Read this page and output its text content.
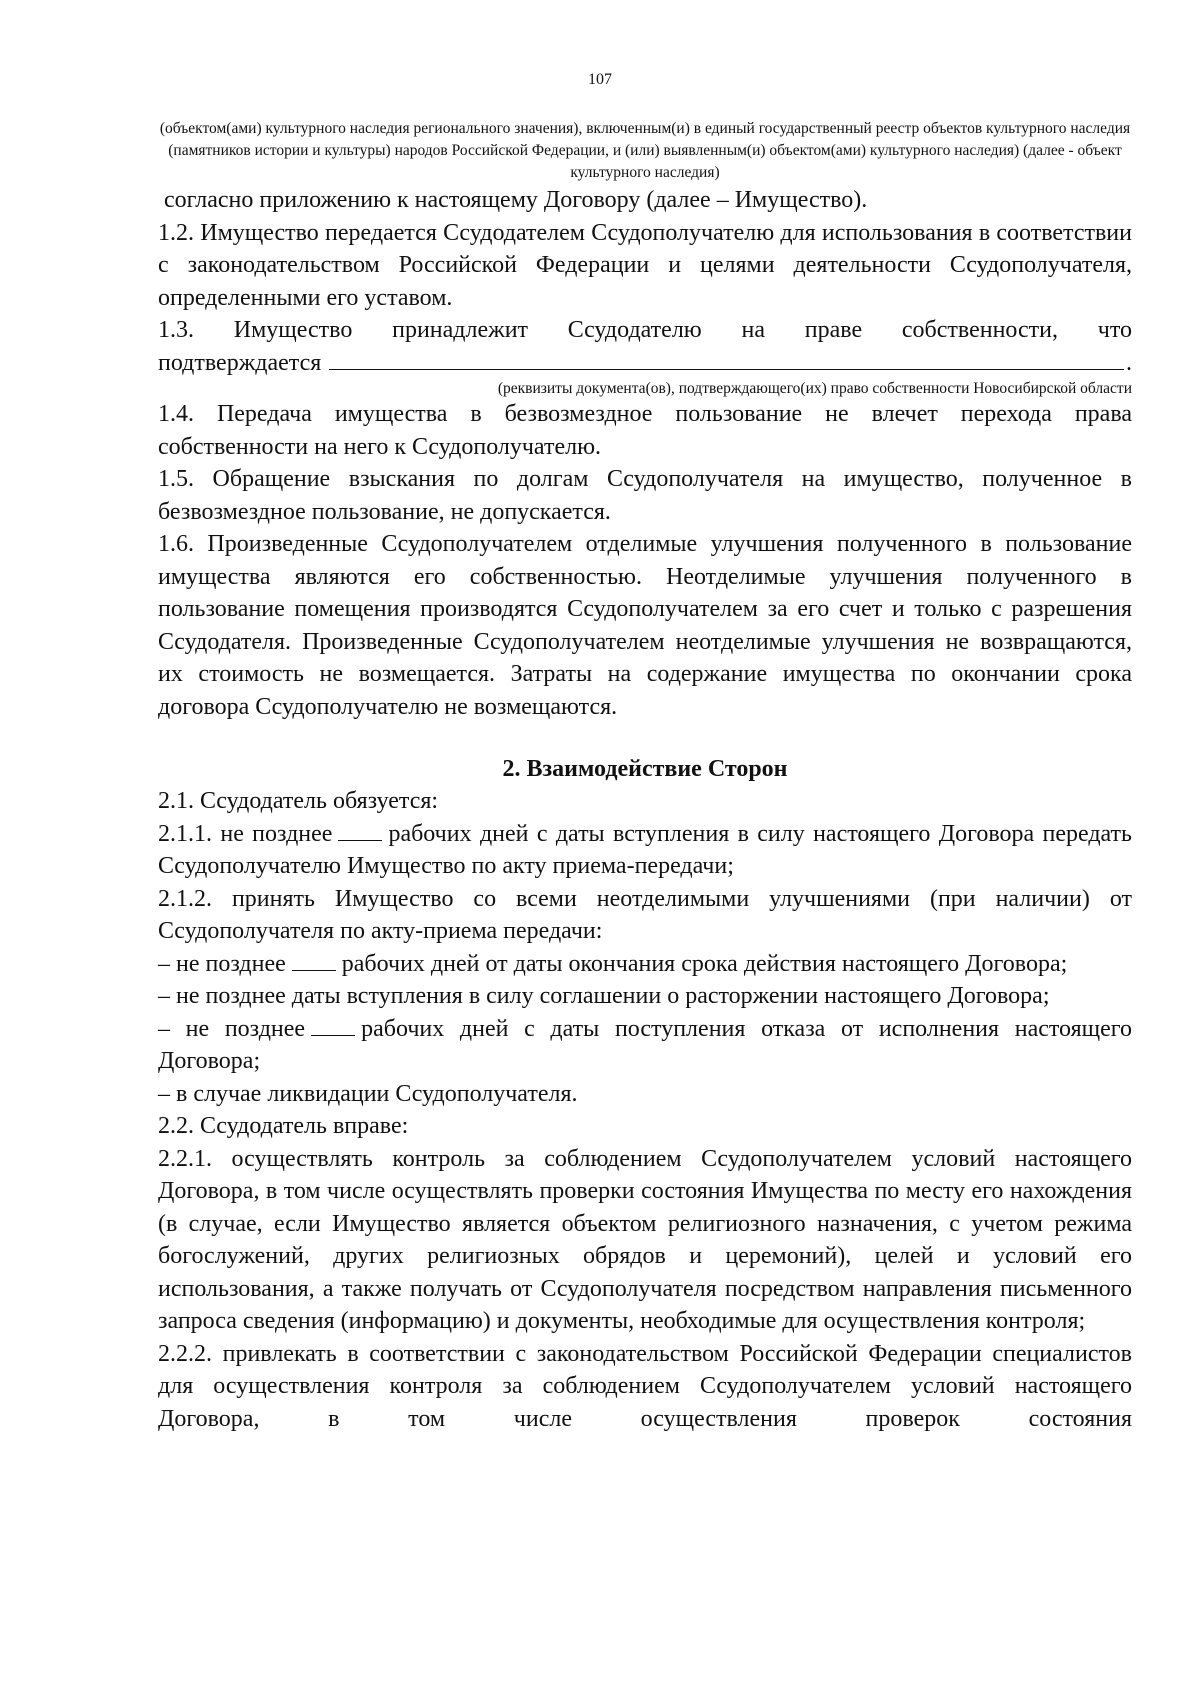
107
(объектом(ами) культурного наследия регионального значения), включенным(и) в единый государственный реестр объектов культурного наследия (памятников истории и культуры) народов Российской Федерации, и (или) выявленным(и) объектом(ами) культурного наследия) (далее - объект культурного наследия)

согласно приложению к настоящему Договору (далее – Имущество).

1.2. Имущество передается Ссудодателем Ссудополучателю для использования в соответствии с законодательством Российской Федерации и целями деятельности Ссудополучателя, определенными его уставом.

1.3. Имущество принадлежит Ссудодателю на праве собственности, что

подтверждается	.
(реквизиты документа(ов), подтверждающего(их) право собственности Новосибирской области

1.4. Передача имущества в безвозмездное пользование не влечет перехода права собственности на него к Ссудополучателю.

1.5. Обращение взыскания по долгам Ссудополучателя на имущество, полученное в безвозмездное пользование, не допускается.

1.6. Произведенные Ссудополучателем отделимые улучшения полученного в пользование имущества являются его собственностью. Неотделимые улучшения полученного в пользование помещения производятся Ссудополучателем за его счет и только с разрешения Ссудодателя. Произведенные Ссудополучателем неотделимые улучшения не возвращаются, их стоимость не возмещается. Затраты на содержание имущества по окончании срока договора Ссудополучателю не возмещаются.

2. Взаимодействие Сторон

2.1. Ссудодатель обязуется:

2.1.1. не позднее рабочих дней с даты вступления в силу настоящего Договора передать Ссудополучателю Имущество по акту приема-передачи;

2.1.2. принять Имущество со всеми неотделимыми улучшениями (при наличии) от Ссудополучателя по акту-приема передачи:

– не позднее рабочих дней от даты окончания срока действия настоящего Договора;

– не позднее даты вступления в силу соглашении о расторжении настоящего Договора;

– не позднее рабочих дней с даты поступления отказа от исполнения настоящего Договора;

– в случае ликвидации Ссудополучателя.

2.2. Ссудодатель вправе:

2.2.1. осуществлять контроль за соблюдением Ссудополучателем условий настоящего Договора, в том числе осуществлять проверки состояния Имущества по месту его нахождения (в случае, если Имущество является объектом религиозного назначения, с учетом режима богослужений, других религиозных обрядов и церемоний), целей и условий его использования, а также получать от Ссудополучателя посредством направления письменного запроса сведения (информацию) и документы, необходимые для осуществления контроля;

2.2.2. привлекать в соответствии с законодательством Российской Федерации специалистов для осуществления контроля за соблюдением Ссудополучателем условий настоящего Договора, в том числе осуществления проверок состояния
